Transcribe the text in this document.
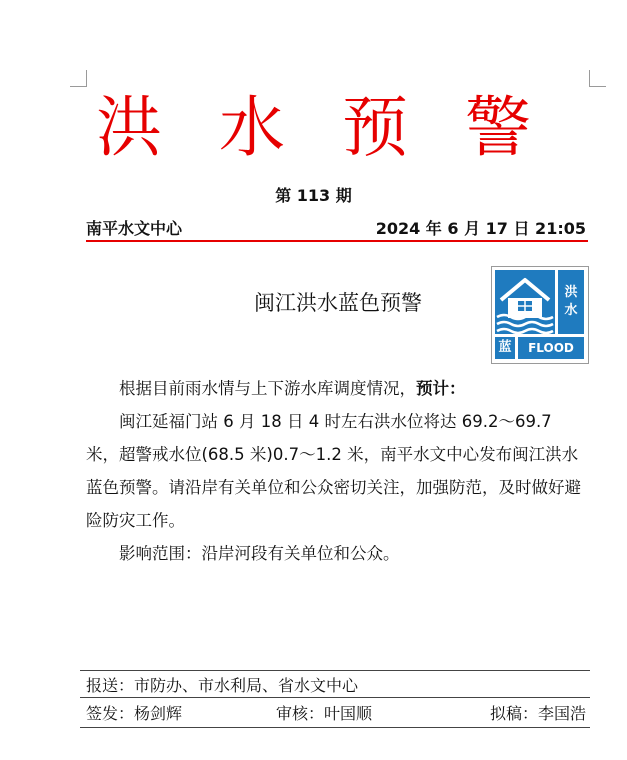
洪 水 预 警
第 113 期
南平水文中心	2024 年 6 月 17 日 21:05
闽江洪水蓝色预警	洪
水
蓝	FLOOD

根据目前雨水情与上下游水库调度情况，预计：

闽江延福门站 6 月 18 日 4 时左右洪水位将达 69.2～69.7 米，超警戒水位(68.5 米)0.7～1.2 米，南平水文中心发布闽江洪水蓝色预警。请沿岸有关单位和公众密切关注，加强防范，及时做好避险防灾工作。

影响范围：沿岸河段有关单位和公众。

报送：市防办、市水利局、省水文中心
签发：杨剑辉	审核：叶国顺	拟稿：李国浩
